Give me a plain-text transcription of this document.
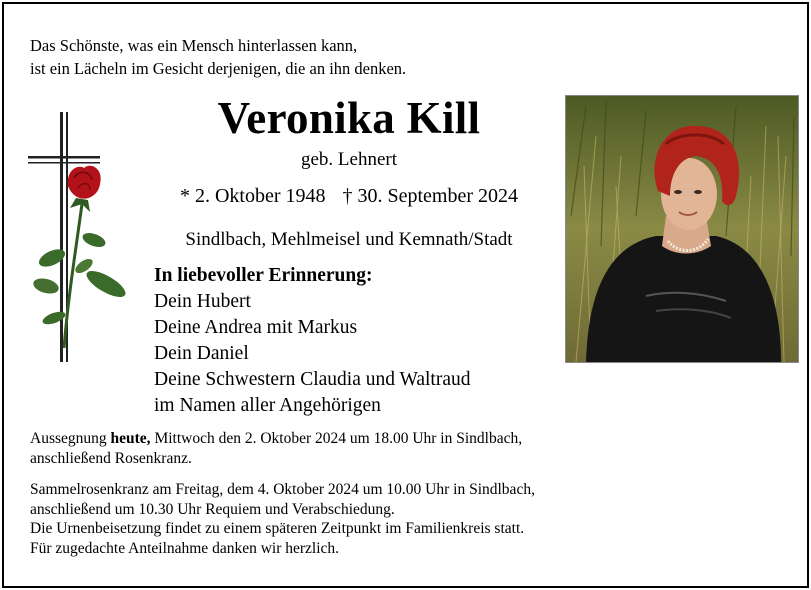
Das Schönste, was ein Mensch hinterlassen kann,
ist ein Lächeln im Gesicht derjenigen, die an ihn denken.
Veronika Kill
geb. Lehnert
* 2. Oktober 1948 † 30. September 2024
Sindlbach, Mehlmeisel und Kemnath/Stadt
In liebevoller Erinnerung:
Dein Hubert
Deine Andrea mit Markus
Dein Daniel
Deine Schwestern Claudia und Waltraud
im Namen aller Angehörigen
Aussegnung heute, Mittwoch den 2. Oktober 2024 um 18.00 Uhr in Sindlbach,
anschließend Rosenkranz.
Sammelrosenkranz am Freitag, dem 4. Oktober 2024 um 10.00 Uhr in Sindlbach,
anschließend um 10.30 Uhr Requiem und Verabschiedung.
Die Urnenbeisetzung findet zu einem späteren Zeitpunkt im Familienkreis statt.
Für zugedachte Anteilnahme danken wir herzlich.
